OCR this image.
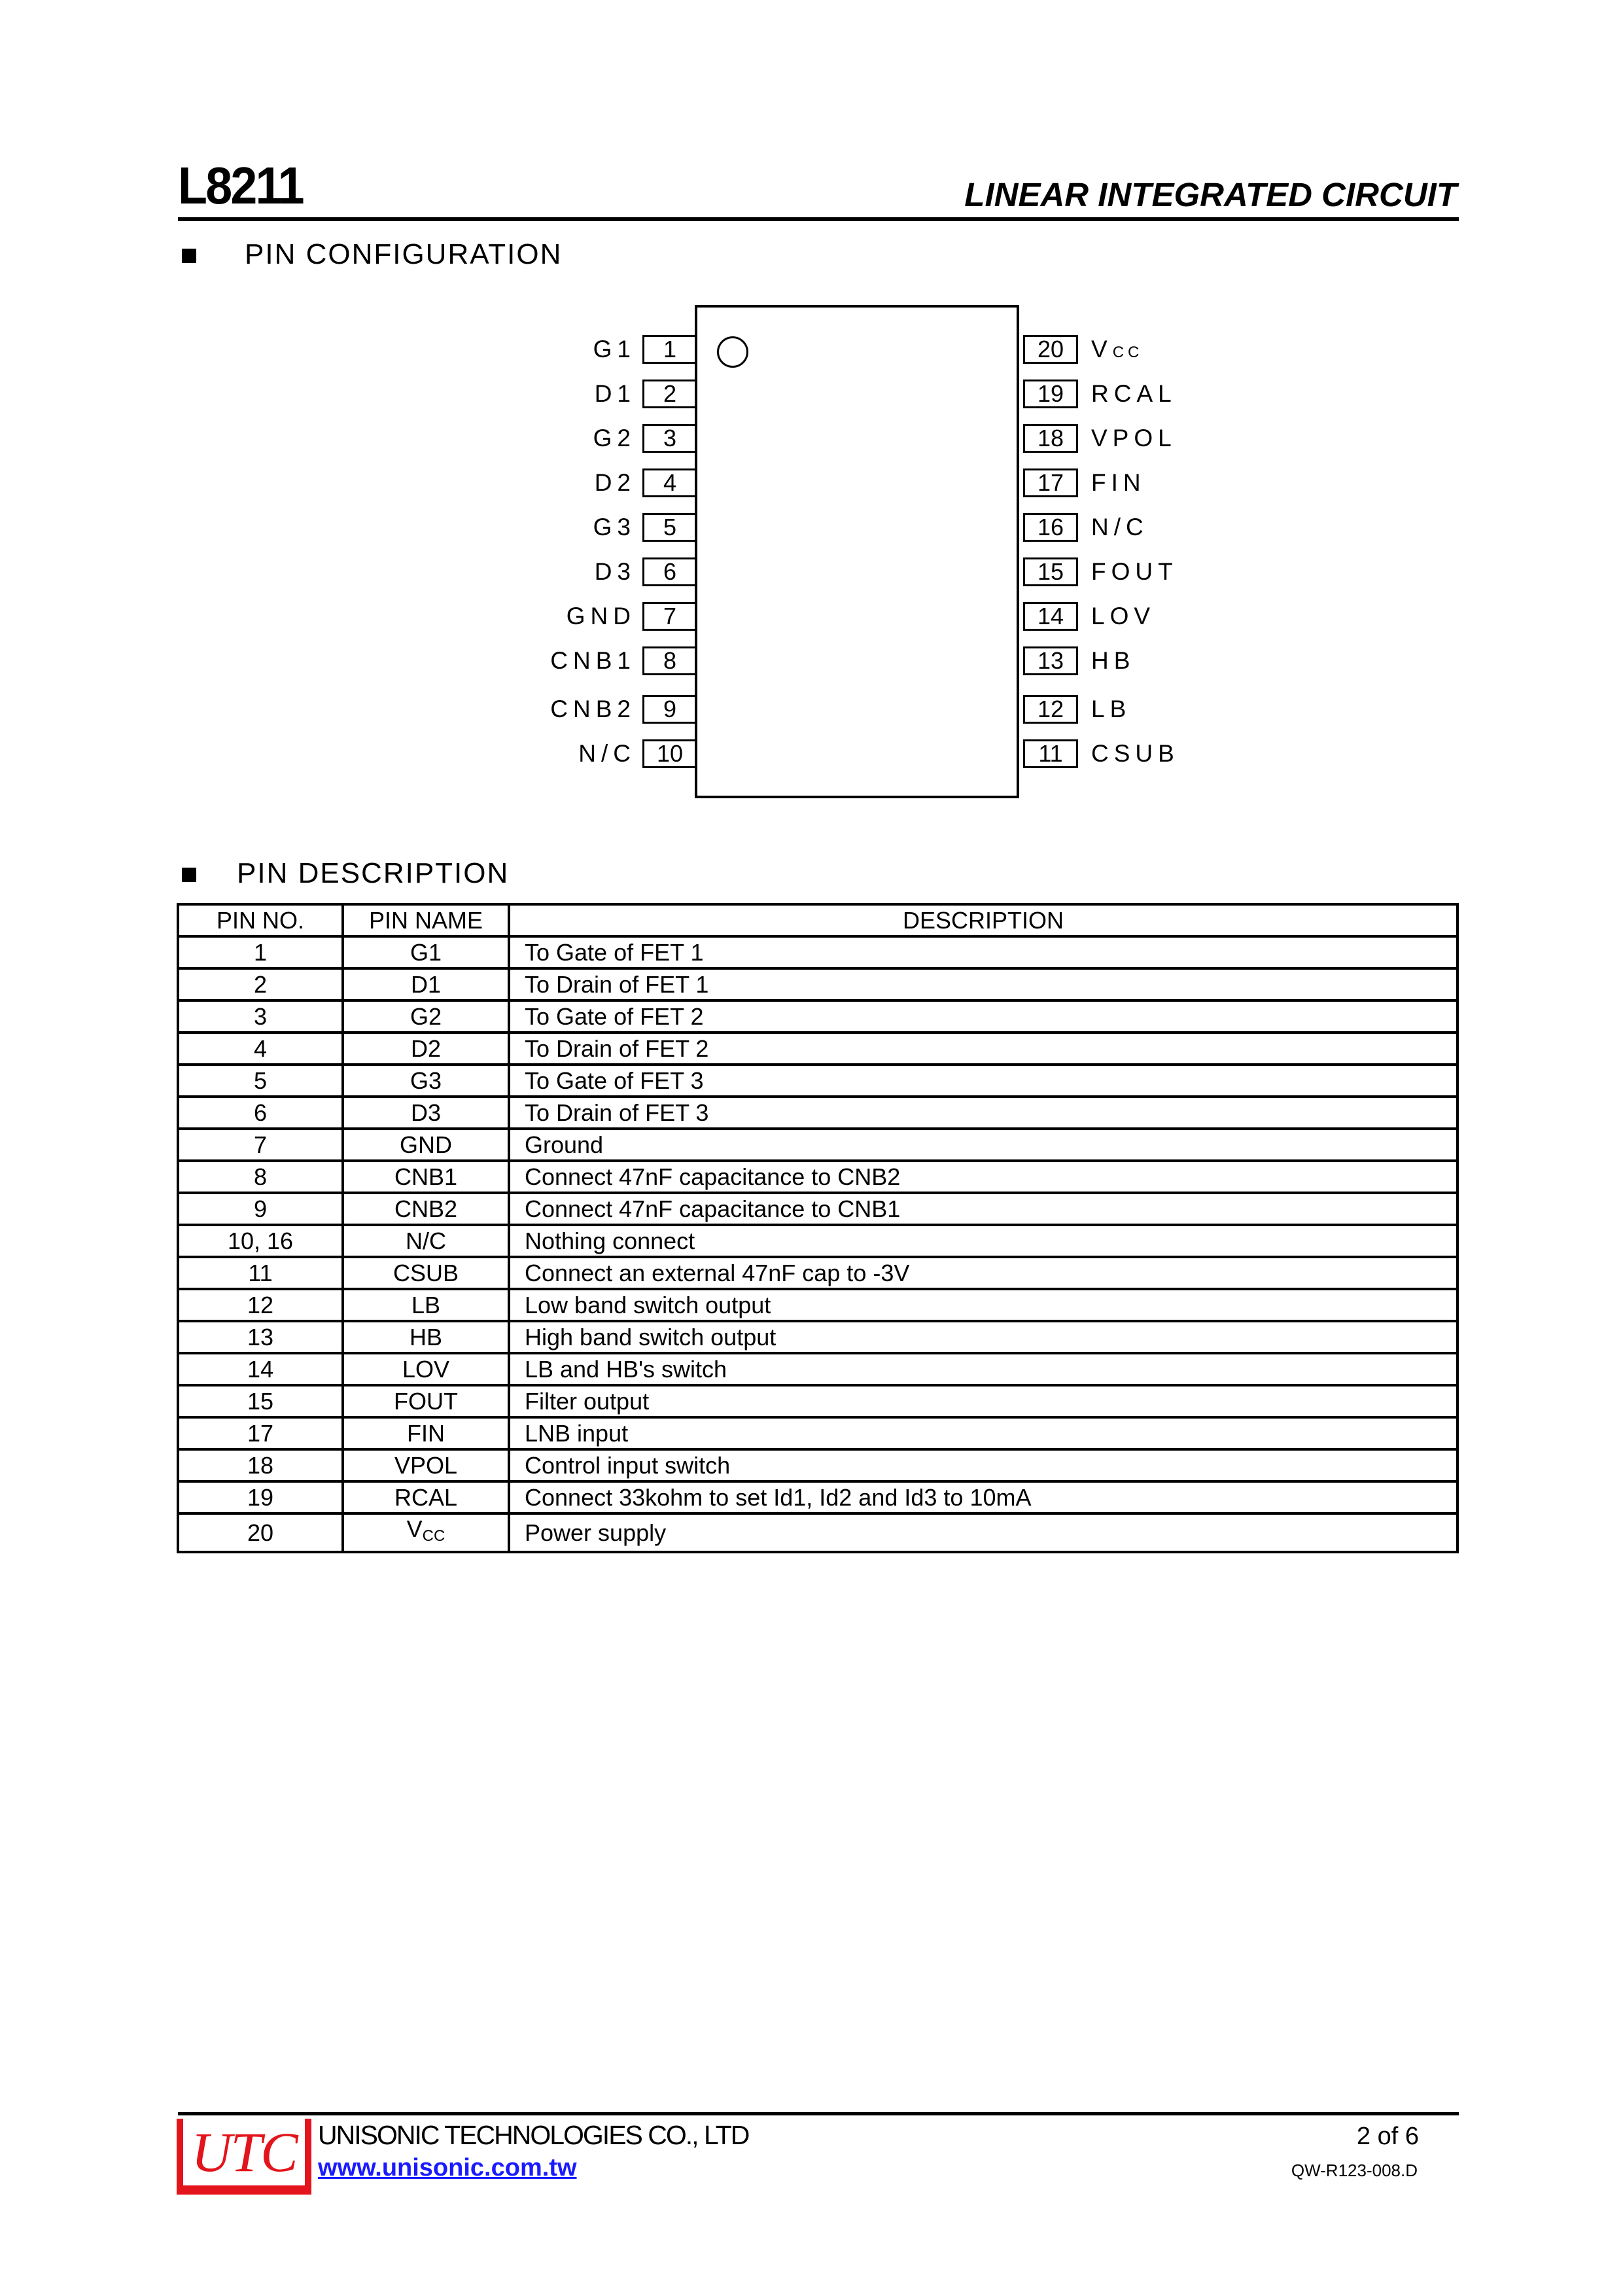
L8211	LINEAR INTEGRATED CIRCUIT
PIN CONFIGURATION
1
G1
2
D1
3
G2
4
D2
5
G3
6
D3
7
GND
8
CNB1
9
CNB2
10
N/C
20	VCC
19	RCAL
18	VPOL
17	FIN
16	N/C
15	FOUT
14	LOV
13	HB
12	LB
11	CSUB
PIN DESCRIPTION
PIN NO.	PIN NAME	DESCRIPTION
1	G1	To Gate of FET 1
2	D1	To Drain of FET 1
3	G2	To Gate of FET 2
4	D2	To Drain of FET 2
5	G3	To Gate of FET 3
6	D3	To Drain of FET 3
7	GND	Ground
8	CNB1	Connect 47nF capacitance to CNB2
9	CNB2	Connect 47nF capacitance to CNB1
10, 16	N/C	Nothing connect
11	CSUB	Connect an external 47nF cap to -3V
12	LB	Low band switch output
13	HB	High band switch output
14	LOV	LB and HB's switch
15	FOUT	Filter output
17	FIN	LNB input
18	VPOL	Control input switch
19	RCAL	Connect 33kohm to set Id1, Id2 and Id3 to 10mA
20	VCC	Power supply
UTC UNISONIC TECHNOLOGIES CO., LTD
www.unisonic.com.tw
2 of 6
QW-R123-008.D
